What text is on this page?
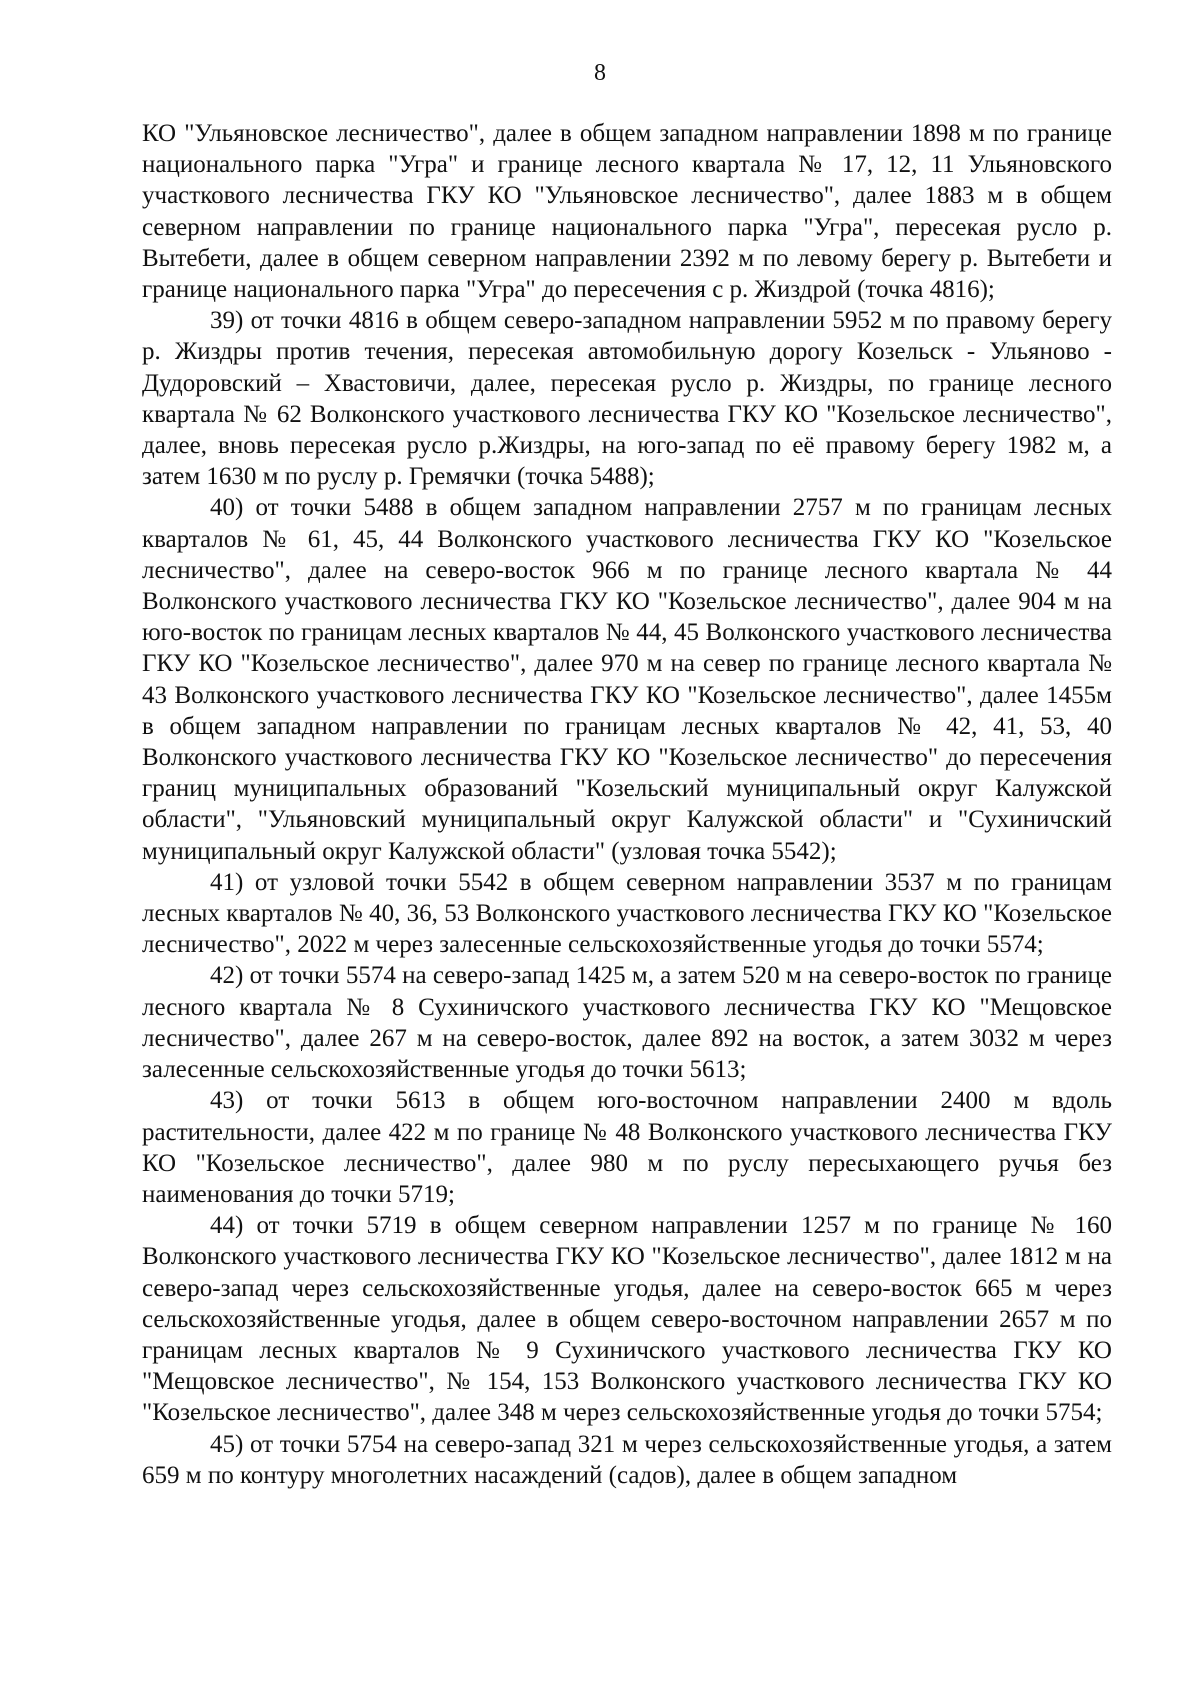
8

КО "Ульяновское лесничество", далее в общем западном направлении 1898 м по границе национального парка "Угра" и границе лесного квартала № 17, 12, 11 Ульяновского участкового лесничества ГКУ КО "Ульяновское лесничество", далее 1883 м в общем северном направлении по границе национального парка "Угра", пересекая русло р. Вытебети, далее в общем северном направлении 2392 м по левому берегу р. Вытебети и границе национального парка "Угра" до пересечения с р. Жиздрой (точка 4816);

39) от точки 4816 в общем северо-западном направлении 5952 м по правому берегу р. Жиздры против течения, пересекая автомобильную дорогу Козельск - Ульяново - Дудоровский – Хвастовичи, далее, пересекая русло р. Жиздры, по границе лесного квартала № 62 Волконского участкового лесничества ГКУ КО "Козельское лесничество", далее, вновь пересекая русло р.Жиздры, на юго-запад по её правому берегу 1982 м, а затем 1630 м по руслу р. Гремячки (точка 5488);

40) от точки 5488 в общем западном направлении 2757 м по границам лесных кварталов № 61, 45, 44 Волконского участкового лесничества ГКУ КО "Козельское лесничество", далее на северо-восток 966 м по границе лесного квартала № 44 Волконского участкового лесничества ГКУ КО "Козельское лесничество", далее 904 м на юго-восток по границам лесных кварталов № 44, 45 Волконского участкового лесничества ГКУ КО "Козельское лесничество", далее 970 м на север по границе лесного квартала № 43 Волконского участкового лесничества ГКУ КО "Козельское лесничество", далее 1455м в общем западном направлении по границам лесных кварталов № 42, 41, 53, 40 Волконского участкового лесничества ГКУ КО "Козельское лесничество" до пересечения границ муниципальных образований "Козельский муниципальный округ Калужской области", "Ульяновский муниципальный округ Калужской области" и "Сухиничский муниципальный округ Калужской области" (узловая точка 5542);

41) от узловой точки 5542 в общем северном направлении 3537 м по границам лесных кварталов № 40, 36, 53 Волконского участкового лесничества ГКУ КО "Козельское лесничество", 2022 м через залесенные сельскохозяйственные угодья до точки 5574;

42) от точки 5574 на северо-запад 1425 м, а затем 520 м на северо-восток по границе лесного квартала № 8 Сухиничского участкового лесничества ГКУ КО "Мещовское лесничество", далее 267 м на северо-восток, далее 892 на восток, а затем 3032 м через залесенные сельскохозяйственные угодья до точки 5613;

43) от точки 5613 в общем юго-восточном направлении 2400 м вдоль растительности, далее 422 м по границе № 48 Волконского участкового лесничества ГКУ КО "Козельское лесничество", далее 980 м по руслу пересыхающего ручья без наименования до точки 5719;

44) от точки 5719 в общем северном направлении 1257 м по границе № 160 Волконского участкового лесничества ГКУ КО "Козельское лесничество", далее 1812 м на северо-запад через сельскохозяйственные угодья, далее на северо-восток 665 м через сельскохозяйственные угодья, далее в общем северо-восточном направлении 2657 м по границам лесных кварталов № 9 Сухиничского участкового лесничества ГКУ КО "Мещовское лесничество", № 154, 153 Волконского участкового лесничества ГКУ КО "Козельское лесничество", далее 348 м через сельскохозяйственные угодья до точки 5754;

45) от точки 5754 на северо-запад 321 м через сельскохозяйственные угодья, а затем 659 м по контуру многолетних насаждений (садов), далее в общем западном
